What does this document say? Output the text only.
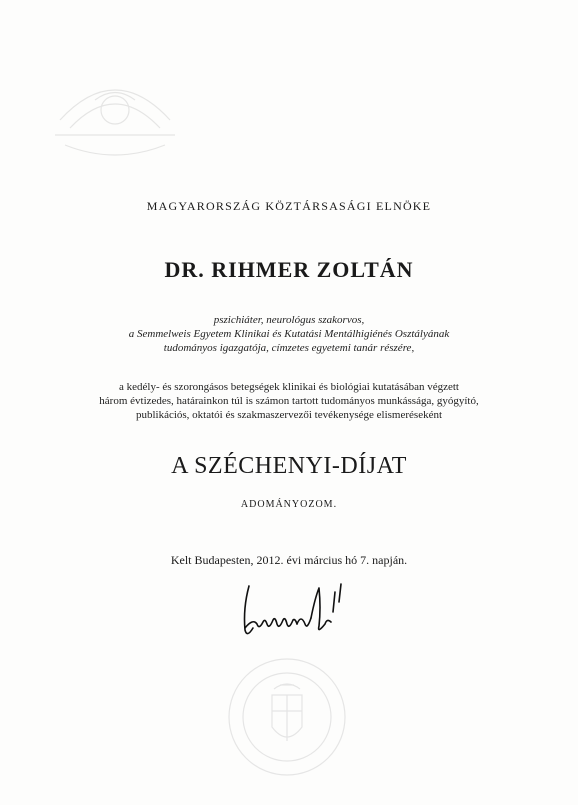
MAGYARORSZÁG KÖZTÁRSASÁGI ELNÖKE
DR. RIHMER ZOLTÁN
pszichiáter, neurológus szakorvos,
a Semmelweis Egyetem Klinikai és Kutatási Mentálhigiénés Osztályának
tudományos igazgatója, címzetes egyetemi tanár részére,
a kedély- és szorongásos betegségek klinikai és biológiai kutatásában végzett
három évtizedes, határainkon túl is számon tartott tudományos munkássága, gyógyító,
publikációs, oktatói és szakmaszervezői tevékenysége elismeréseként
A SZÉCHENYI-DÍJAT
ADOMÁNYOZOM.
Kelt Budapesten, 2012. évi március hó 7. napján.
